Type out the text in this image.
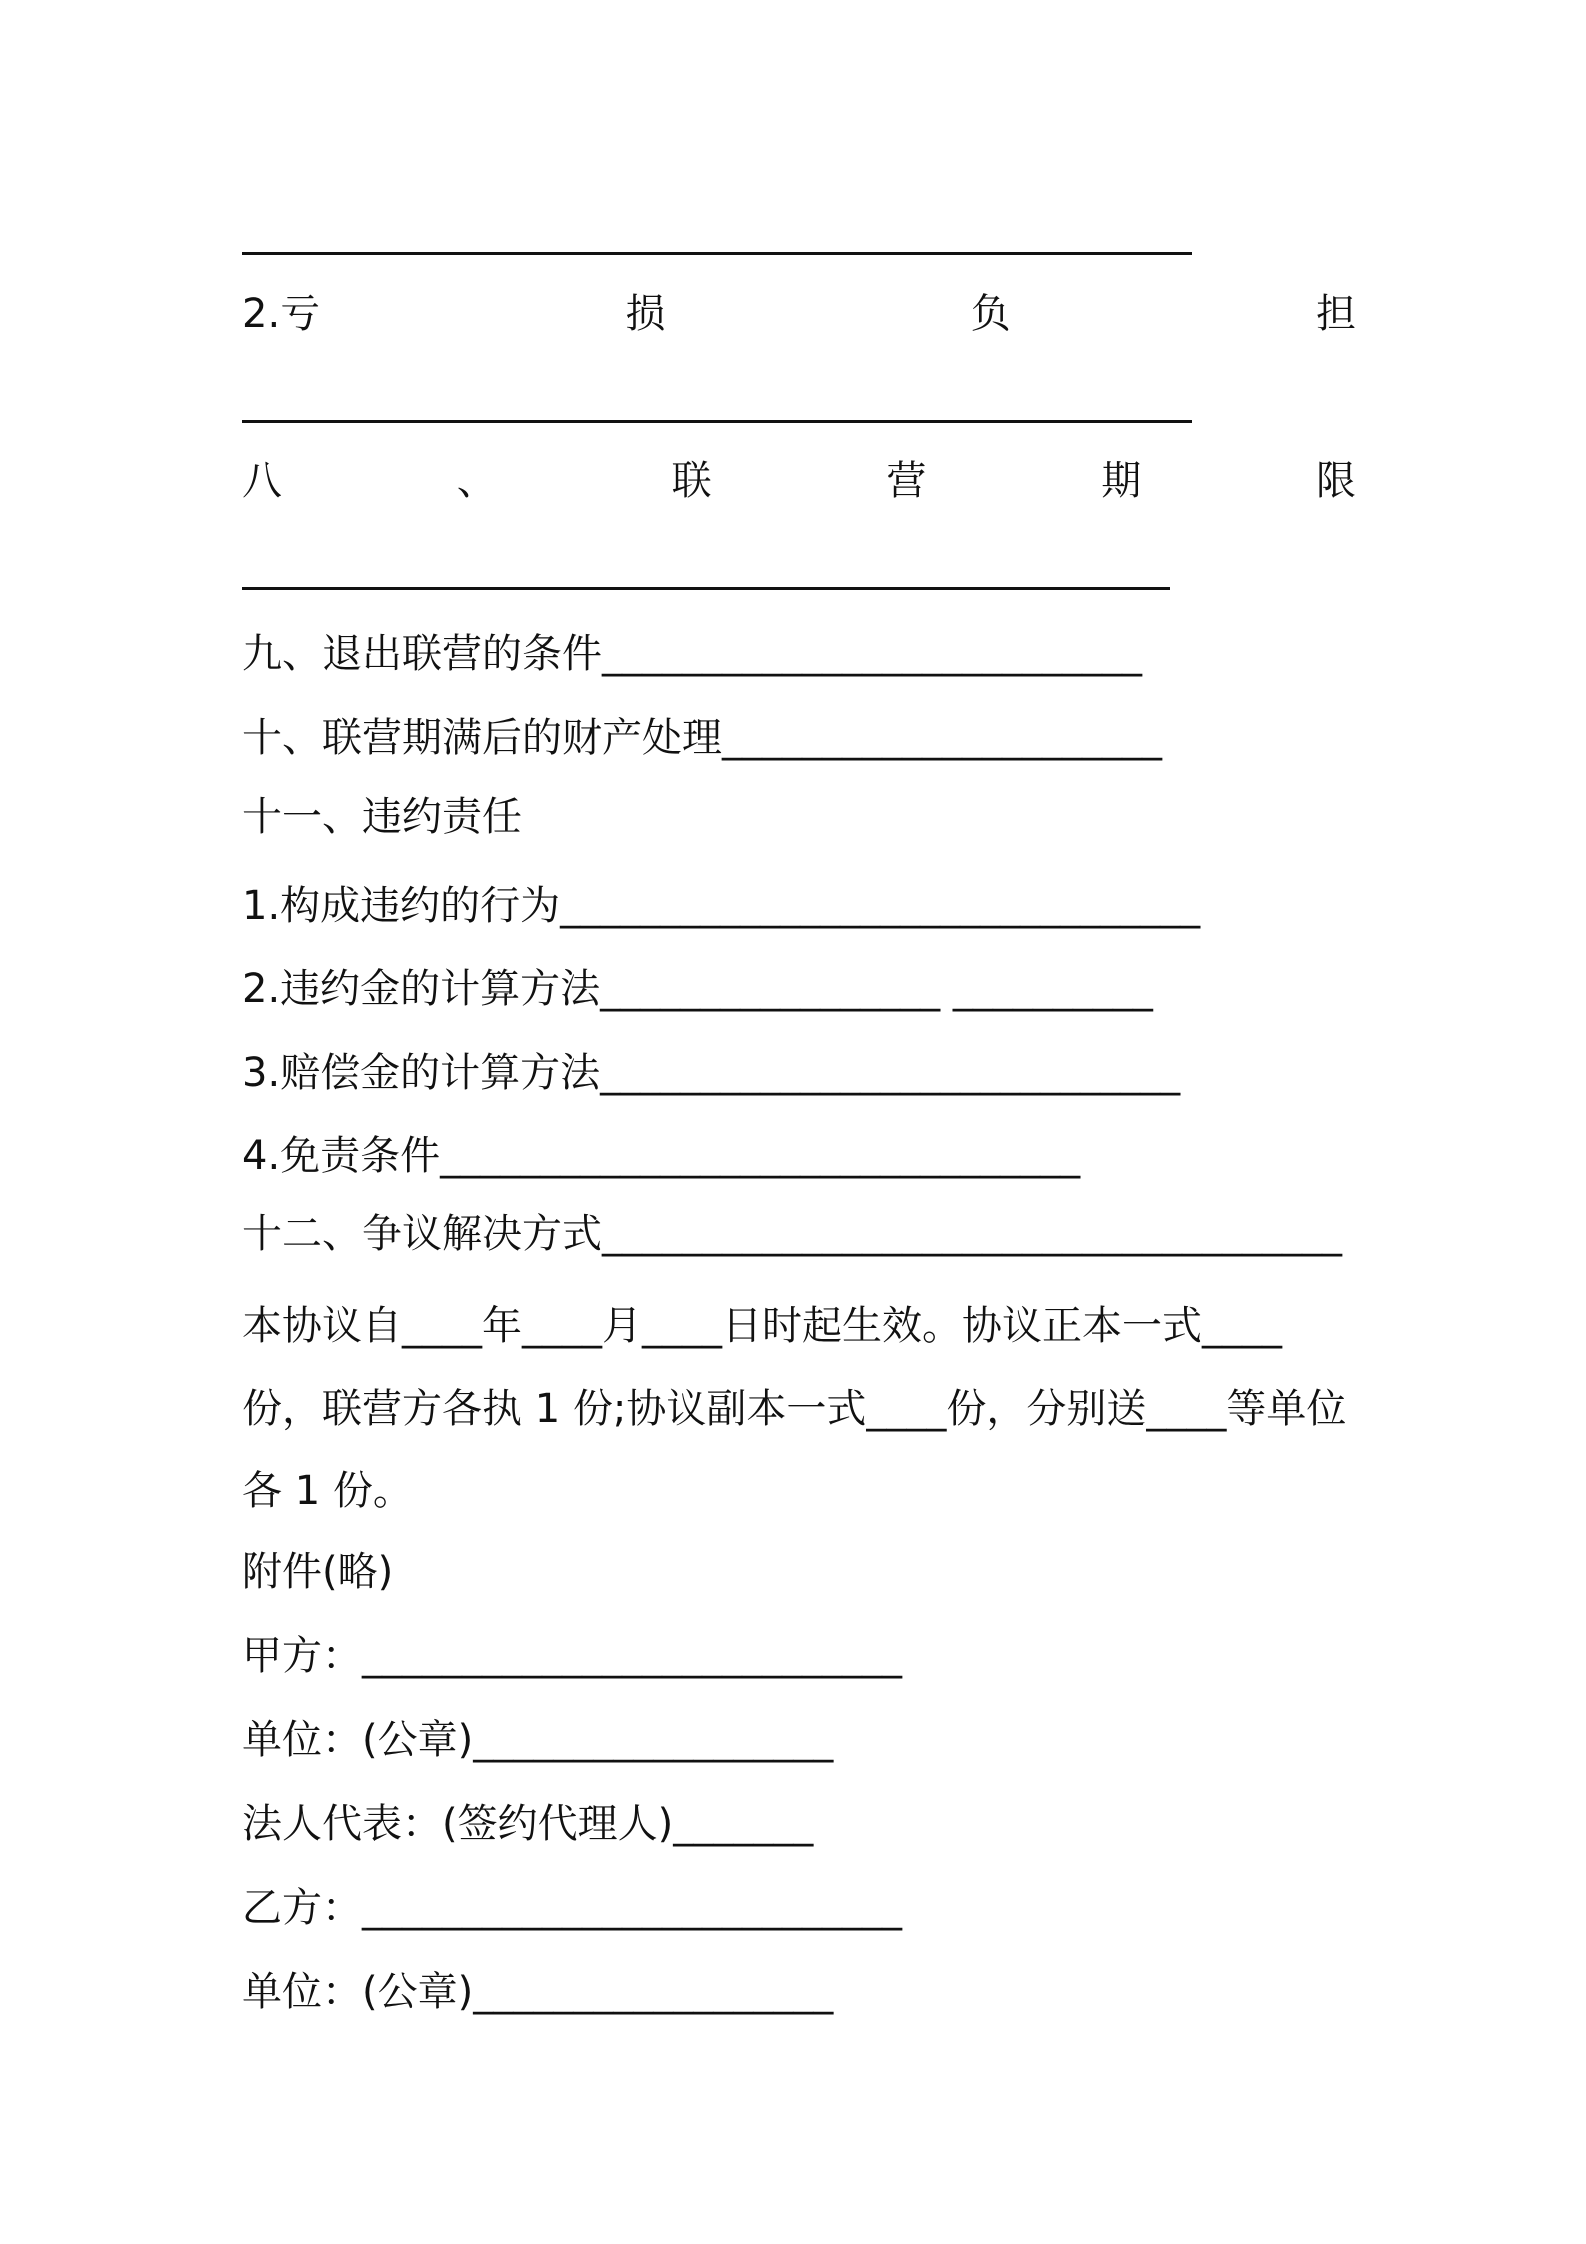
2.亏	损	负	担
八	、	联	营	期	限
九、退出联营的条件___________________________
十、联营期满后的财产处理______________________
十一、违约责任
1.构成违约的行为________________________________
2.违约金的计算方法_________________ __________
3.赔偿金的计算方法_____________________________
4.免责条件________________________________
十二、争议解决方式_____________________________________
本协议自____年____月____日时起生效。协议正本一式____
份，联营方各执 1 份;协议副本一式____份，分别送____等单位
各 1 份。
附件(略)
甲方：___________________________
单位：(公章)__________________
法人代表：(签约代理人)_______
乙方：___________________________
单位：(公章)__________________
